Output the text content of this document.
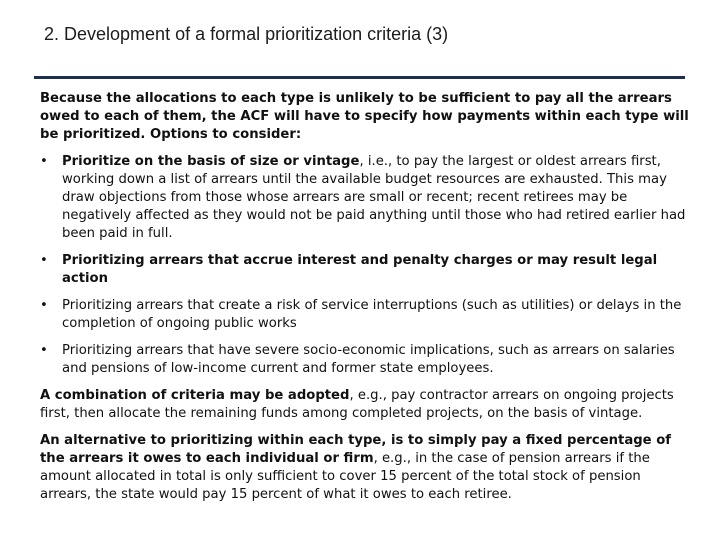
2. Development of a formal prioritization criteria (3)

Because the allocations to each type is unlikely to be sufficient to pay all the arrears owed to each of them, the ACF will have to specify how payments within each type will be prioritized. Options to consider:

• Prioritize on the basis of size or vintage, i.e., to pay the largest or oldest arrears first, working down a list of arrears until the available budget resources are exhausted. This may draw objections from those whose arrears are small or recent; recent retirees may be negatively affected as they would not be paid anything until those who had retired earlier had been paid in full.
• Prioritizing arrears that accrue interest and penalty charges or may result legal action
• Prioritizing arrears that create a risk of service interruptions (such as utilities) or delays in the completion of ongoing public works
• Prioritizing arrears that have severe socio-economic implications, such as arrears on salaries and pensions of low-income current and former state employees.

A combination of criteria may be adopted, e.g., pay contractor arrears on ongoing projects first, then allocate the remaining funds among completed projects, on the basis of vintage.

An alternative to prioritizing within each type, is to simply pay a fixed percentage of the arrears it owes to each individual or firm, e.g., in the case of pension arrears if the amount allocated in total is only sufficient to cover 15 percent of the total stock of pension arrears, the state would pay 15 percent of what it owes to each retiree.
